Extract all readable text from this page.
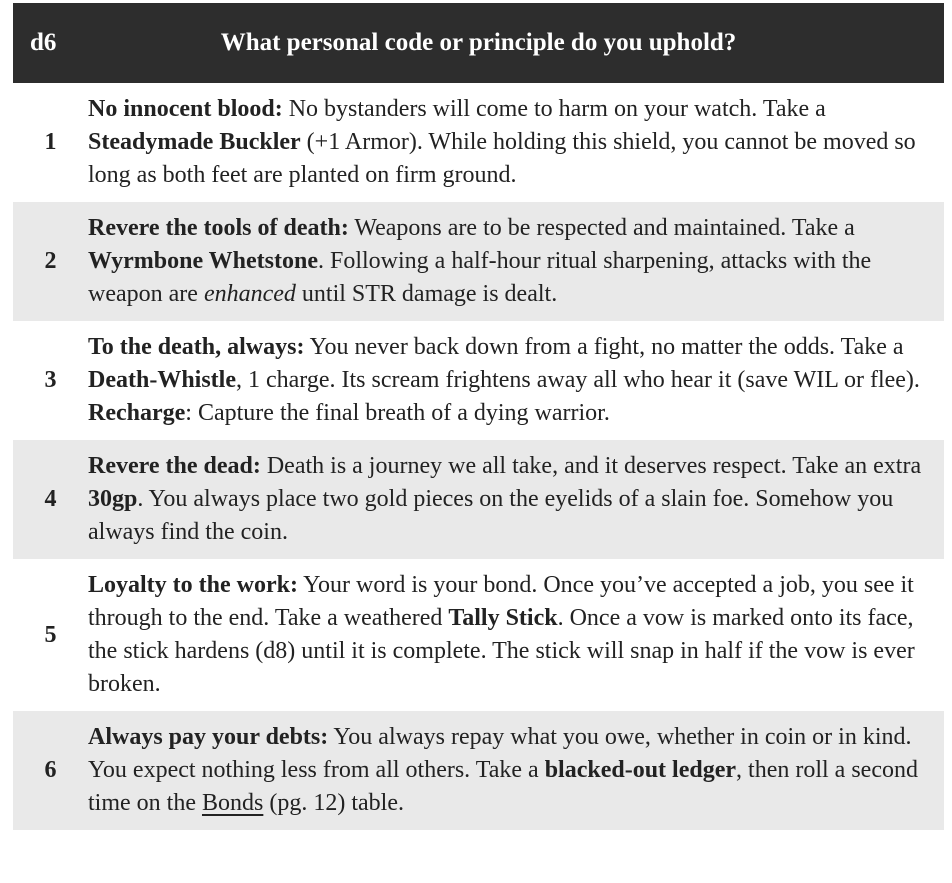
d6	What personal code or principle do you uphold?
1
No innocent blood: No bystanders will come to harm on your watch. Take a Steadymade Buckler (+1 Armor). While holding this shield, you cannot be moved so long as both feet are planted on firm ground.
2
Revere the tools of death: Weapons are to be respected and maintained. Take a Wyrmbone Whetstone. Following a half-hour ritual sharpening, attacks with the weapon are enhanced until STR damage is dealt.
3
To the death, always: You never back down from a fight, no matter the odds. Take a Death-Whistle, 1 charge. Its scream frightens away all who hear it (save WIL or flee). Recharge: Capture the final breath of a dying warrior.
4
Revere the dead: Death is a journey we all take, and it deserves respect. Take an extra 30gp. You always place two gold pieces on the eyelids of a slain foe. Somehow you always find the coin.
5
Loyalty to the work: Your word is your bond. Once you’ve accepted a job, you see it through to the end. Take a weathered Tally Stick. Once a vow is marked onto its face, the stick hardens (d8) until it is complete. The stick will snap in half if the vow is ever broken.
6
Always pay your debts: You always repay what you owe, whether in coin or in kind. You expect nothing less from all others. Take a blacked-out ledger, then roll a second time on the Bonds (pg. 12) table.
